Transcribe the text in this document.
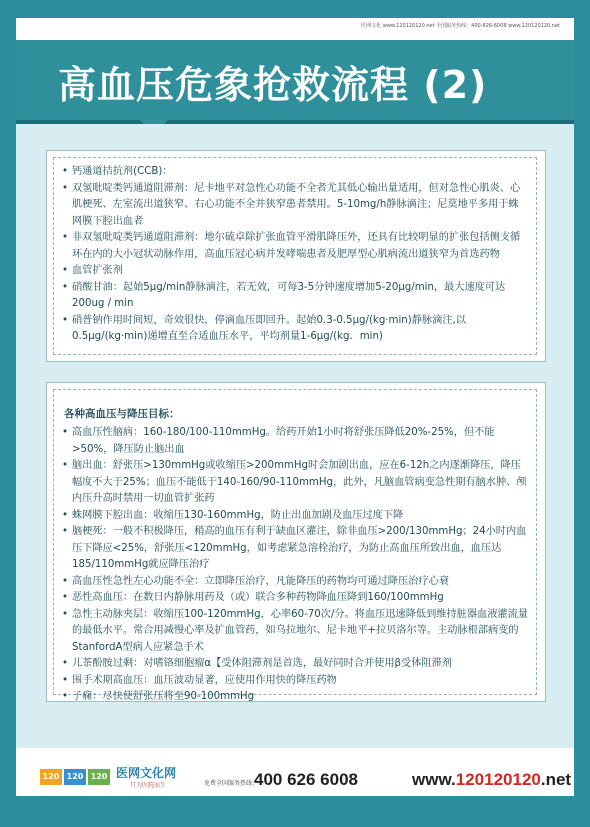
医网文化 www.120120120.net 全国服务热线：400-626-6008 www.120120120.net
高血压危象抢救流程 (2)
• 钙通道拮抗剂(CCB)：
• 双氢吡啶类钙通道阻滞剂：尼卡地平对急性心功能不全者尤其低心输出量适用，但对急性心肌炎、心肌梗死、左室流出道狭窄、右心功能不全并狭窄患者禁用。5-10mg/h静脉滴注；尼莫地平多用于蛛网膜下腔出血者
• 非双氢吡啶类钙通道阻滞剂：地尔硫卓除扩张血管平滑肌降压外，还具有比较明显的扩张包括侧支循环在内的大小冠状动脉作用，高血压冠心病并发哮喘患者及肥厚型心肌病流出道狭窄为首选药物
• 血管扩张剂
• 硝酸甘油：起始5μg/min静脉滴注，若无效，可每3-5分钟速度增加5-20μg/min，最大速度可达200ug / min
• 硝普钠作用时间短，奇效很快，停滴血压即回升。起始0.3-0.5μg/(kg·min)静脉滴注,以0.5μg/(kg·min)递增直至合适血压水平，平均剂量1-6μg/(kg．min)
各种高血压与降压目标：
• 高血压性脑病：160-180/100-110mmHg。给药开始1小时将舒张压降低20%-25%，但不能>50%，降压防止脑出血
• 脑出血：舒张压>130mmHg或收缩压>200mmHg时会加剧出血，应在6-12h之内逐渐降压，降压幅度不大于25%；血压不能低于140-160/90-110mmHg，此外，凡脑血管病变急性期有脑水肿、颅内压升高时禁用一切血管扩张药
• 蛛网膜下腔出血：收缩压130-160mmHg，防止出血加剧及血压过度下降
• 脑梗死：一般不积极降压，稍高的血压有利于缺血区灌注，除非血压>200/130mmHg；24小时内血压下降应<25%，舒张压<120mmHg，如考虑紧急溶栓治疗，为防止高血压所致出血，血压达185/110mmHg就应降压治疗
• 高血压性急性左心功能不全：立即降压治疗，凡能降压的药物均可通过降压治疗心衰
• 恶性高血压：在数日内静脉用药及（或）联合多种药物降血压降到160/100mmHg
• 急性主动脉夹层：收缩压100-120mmHg，心率60-70次/分。将血压迅速降低到维持脏器血液灌流量的最低水平。常合用减慢心率及扩血管药，如乌拉地尔、尼卡地平+拉贝洛尔等。主动脉根部病变的StanfordA型病人应紧急手术
• 儿茶酚胺过剩：对嗜铬细胞瘤α【受体阻滞剂是首选，最好同时合并使用β受体阻滞剂
• 围手术期高血压：血压波动显著，应使用作用快的降压药物
• 子痫：尽快使舒张压将至90-100mmHg
120 120 120 医网文化网
只为医院而生	免费全国服务热线：
400 626 6008	www.120120120.net
